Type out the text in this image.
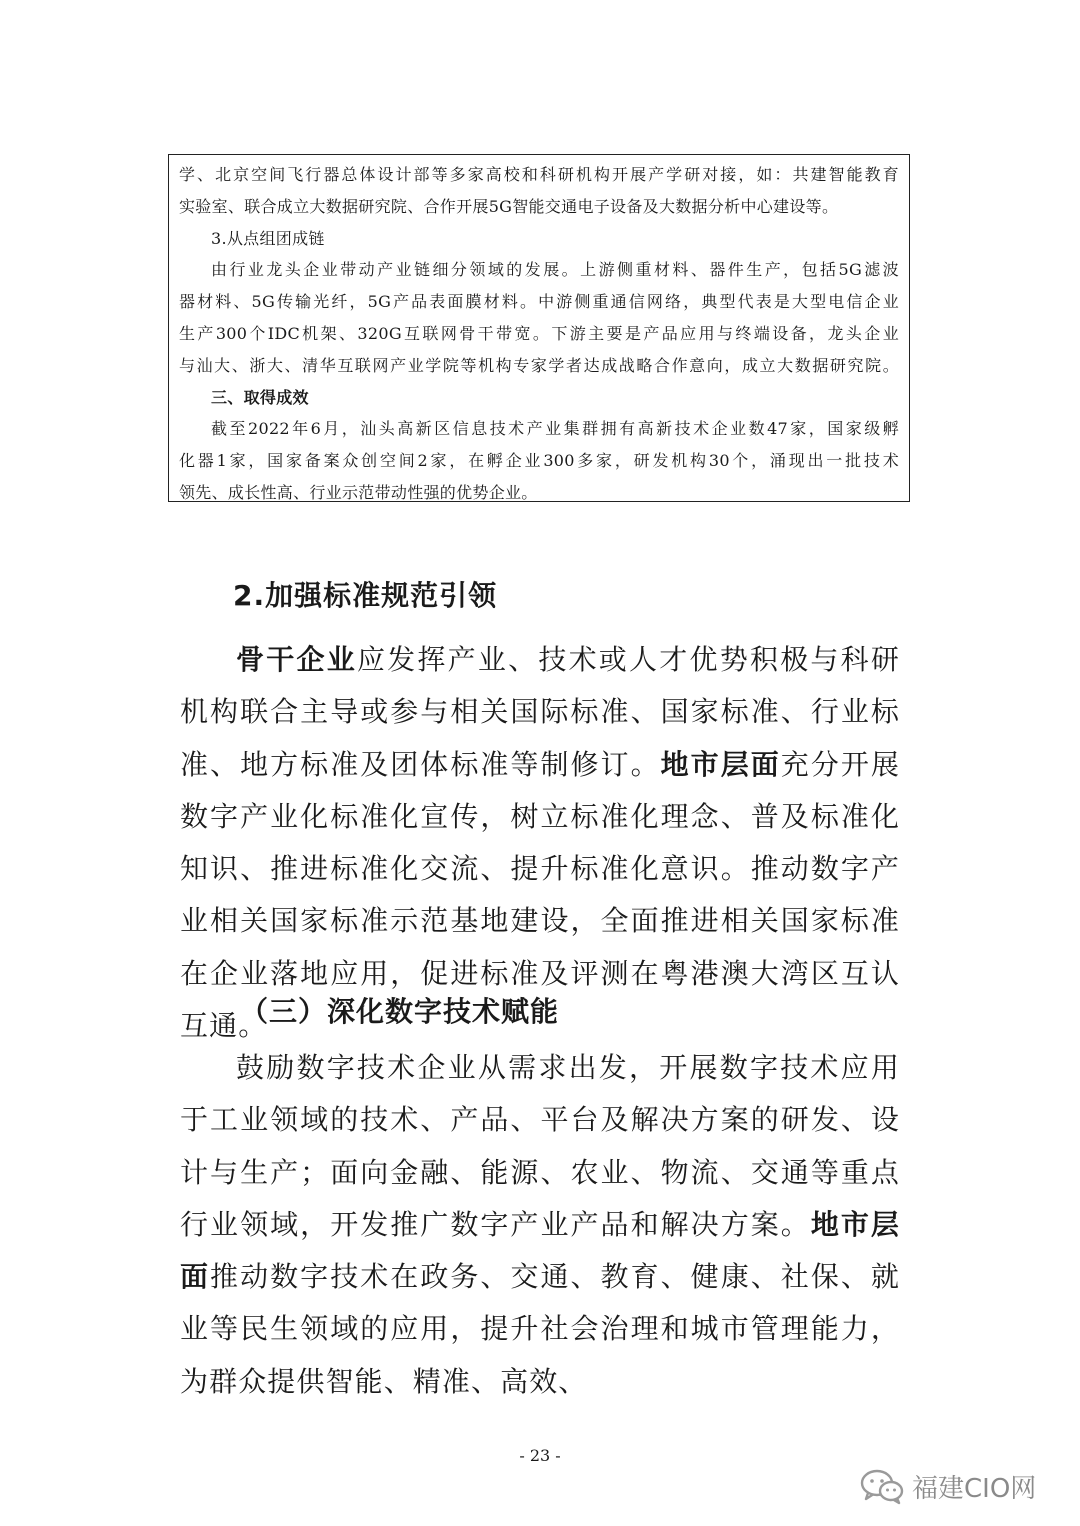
学、北京空间飞行器总体设计部等多家高校和科研机构开展产学研对接，如：共建智能教育

实验室、联合成立大数据研究院、合作开展5G智能交通电子设备及大数据分析中心建设等。

3.从点组团成链

由行业龙头企业带动产业链细分领域的发展。上游侧重材料、器件生产，包括5G滤波

器材料、5G传输光纤，5G产品表面膜材料。中游侧重通信网络，典型代表是大型电信企业

生产300个IDC机架、320G互联网骨干带宽。下游主要是产品应用与终端设备，龙头企业

与汕大、浙大、清华互联网产业学院等机构专家学者达成战略合作意向，成立大数据研究院。

三、取得成效

截至2022年6月，汕头高新区信息技术产业集群拥有高新技术企业数47家，国家级孵

化器1家，国家备案众创空间2家，在孵企业300多家，研发机构30个，涌现出一批技术

领先、成长性高、行业示范带动性强的优势企业。

2.加强标准规范引领

骨干企业应发挥产业、技术或人才优势积极与科研机构联合主导或参与相关国际标准、国家标准、行业标准、地方标准及团体标准等制修订。地市层面充分开展数字产业化标准化宣传，树立标准化理念、普及标准化知识、推进标准化交流、提升标准化意识。推动数字产业相关国家标准示范基地建设，全面推进相关国家标准在企业落地应用，促进标准及评测在粤港澳大湾区互认互通。

（三）深化数字技术赋能

鼓励数字技术企业从需求出发，开展数字技术应用于工业领域的技术、产品、平台及解决方案的研发、设计与生产；面向金融、能源、农业、物流、交通等重点行业领域，开发推广数字产业产品和解决方案。地市层面推动数字技术在政务、交通、教育、健康、社保、就业等民生领域的应用，提升社会治理和城市管理能力，为群众提供智能、精准、高效、

- 23 -
福建CIO网
